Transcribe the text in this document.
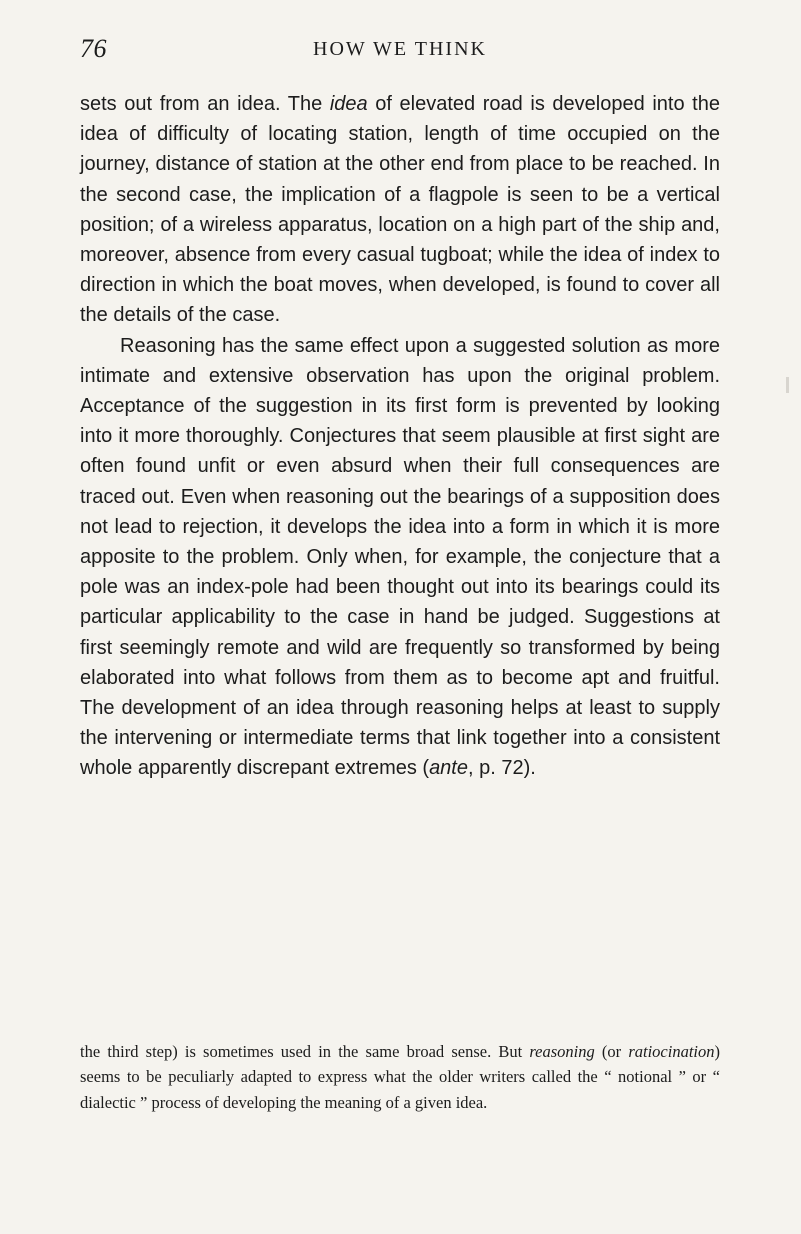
76	HOW WE THINK

sets out from an idea. The idea of elevated road is developed into the idea of difficulty of locating station, length of time occupied on the journey, distance of station at the other end from place to be reached. In the second case, the implication of a flagpole is seen to be a vertical position; of a wireless apparatus, location on a high part of the ship and, moreover, absence from every casual tugboat; while the idea of index to direction in which the boat moves, when developed, is found to cover all the details of the case.

Reasoning has the same effect upon a suggested solution as more intimate and extensive observation has upon the original problem. Acceptance of the suggestion in its first form is prevented by looking into it more thoroughly. Conjectures that seem plausible at first sight are often found unfit or even absurd when their full consequences are traced out. Even when reasoning out the bearings of a supposition does not lead to rejection, it develops the idea into a form in which it is more apposite to the problem. Only when, for example, the conjecture that a pole was an index-pole had been thought out into its bearings could its particular applicability to the case in hand be judged. Suggestions at first seemingly remote and wild are frequently so transformed by being elaborated into what follows from them as to become apt and fruitful. The development of an idea through reasoning helps at least to supply the intervening or intermediate terms that link together into a consistent whole apparently discrepant extremes (ante, p. 72).

the third step) is sometimes used in the same broad sense. But reasoning (or ratiocination) seems to be peculiarly adapted to express what the older writers called the “ notional ” or “ dialectic ” process of developing the meaning of a given idea.
